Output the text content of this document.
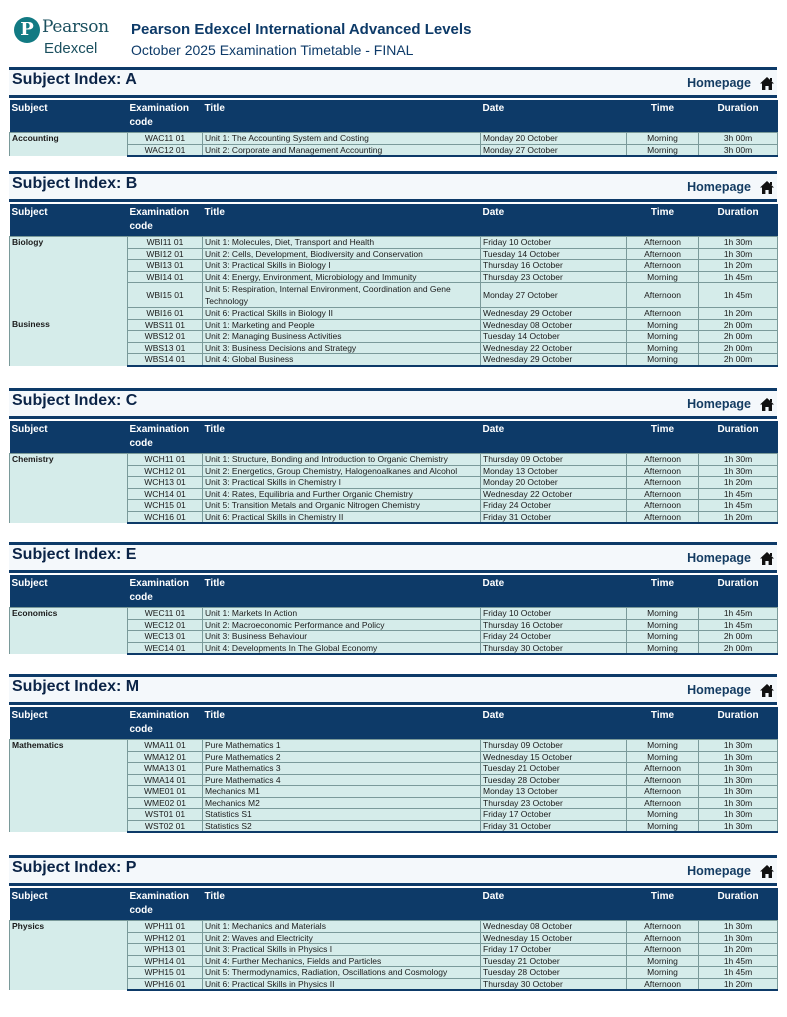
P Pearson
Edexcel
Pearson Edexcel International Advanced Levels
October 2025 Examination Timetable - FINAL
Subject Index: A	Homepage
Subject	Examination code	Title	Date	Time	Duration
Accounting	WAC11 01	Unit 1: The Accounting System and Costing	Monday 20 October	Morning	3h 00m
	WAC12 01	Unit 2: Corporate and Management Accounting	Monday 27 October	Morning	3h 00m
Subject Index: B	Homepage
Subject	Examination code	Title	Date	Time	Duration
Biology	WBI11 01	Unit 1: Molecules, Diet, Transport and Health	Friday 10 October	Afternoon	1h 30m
	WBI12 01	Unit 2: Cells, Development, Biodiversity and Conservation	Tuesday 14 October	Afternoon	1h 30m
	WBI13 01	Unit 3: Practical Skills in Biology I	Thursday 16 October	Afternoon	1h 20m
	WBI14 01	Unit 4: Energy, Environment, Microbiology and Immunity	Thursday 23 October	Morning	1h 45m
	WBI15 01	Unit 5: Respiration, Internal Environment, Coordination and Gene Technology	Monday 27 October	Afternoon	1h 45m
	WBI16 01	Unit 6: Practical Skills in Biology II	Wednesday 29 October	Afternoon	1h 20m
Business	WBS11 01	Unit 1: Marketing and People	Wednesday 08 October	Morning	2h 00m
	WBS12 01	Unit 2: Managing Business Activities	Tuesday 14 October	Morning	2h 00m
	WBS13 01	Unit 3: Business Decisions and Strategy	Wednesday 22 October	Morning	2h 00m
	WBS14 01	Unit 4: Global Business	Wednesday 29 October	Morning	2h 00m
Subject Index: C	Homepage
Subject	Examination code	Title	Date	Time	Duration
Chemistry	WCH11 01	Unit 1: Structure, Bonding and Introduction to Organic Chemistry	Thursday 09 October	Afternoon	1h 30m
	WCH12 01	Unit 2: Energetics, Group Chemistry, Halogenoalkanes and Alcohol	Monday 13 October	Afternoon	1h 30m
	WCH13 01	Unit 3: Practical Skills in Chemistry I	Monday 20 October	Afternoon	1h 20m
	WCH14 01	Unit 4: Rates, Equilibria and Further Organic Chemistry	Wednesday 22 October	Afternoon	1h 45m
	WCH15 01	Unit 5: Transition Metals and Organic Nitrogen Chemistry	Friday 24 October	Afternoon	1h 45m
	WCH16 01	Unit 6: Practical Skills in Chemistry II	Friday 31 October	Afternoon	1h 20m
Subject Index: E	Homepage
Subject	Examination code	Title	Date	Time	Duration
Economics	WEC11 01	Unit 1: Markets In Action	Friday 10 October	Morning	1h 45m
	WEC12 01	Unit 2: Macroeconomic Performance and Policy	Thursday 16 October	Morning	1h 45m
	WEC13 01	Unit 3: Business Behaviour	Friday 24 October	Morning	2h 00m
	WEC14 01	Unit 4: Developments In The Global Economy	Thursday 30 October	Morning	2h 00m
Subject Index: M	Homepage
Subject	Examination code	Title	Date	Time	Duration
Mathematics	WMA11 01	Pure Mathematics 1	Thursday 09 October	Morning	1h 30m
	WMA12 01	Pure Mathematics 2	Wednesday 15 October	Morning	1h 30m
	WMA13 01	Pure Mathematics 3	Tuesday 21 October	Afternoon	1h 30m
	WMA14 01	Pure Mathematics 4	Tuesday 28 October	Afternoon	1h 30m
	WME01 01	Mechanics M1	Monday 13 October	Afternoon	1h 30m
	WME02 01	Mechanics M2	Thursday 23 October	Afternoon	1h 30m
	WST01 01	Statistics S1	Friday 17 October	Morning	1h 30m
	WST02 01	Statistics S2	Friday 31 October	Morning	1h 30m
Subject Index: P	Homepage
Subject	Examination code	Title	Date	Time	Duration
Physics	WPH11 01	Unit 1: Mechanics and Materials	Wednesday 08 October	Afternoon	1h 30m
	WPH12 01	Unit 2: Waves and Electricity	Wednesday 15 October	Afternoon	1h 30m
	WPH13 01	Unit 3: Practical Skills in Physics I	Friday 17 October	Afternoon	1h 20m
	WPH14 01	Unit 4: Further Mechanics, Fields and Particles	Tuesday 21 October	Morning	1h 45m
	WPH15 01	Unit 5: Thermodynamics, Radiation, Oscillations and Cosmology	Tuesday 28 October	Morning	1h 45m
	WPH16 01	Unit 6: Practical Skills in Physics II	Thursday 30 October	Afternoon	1h 20m
